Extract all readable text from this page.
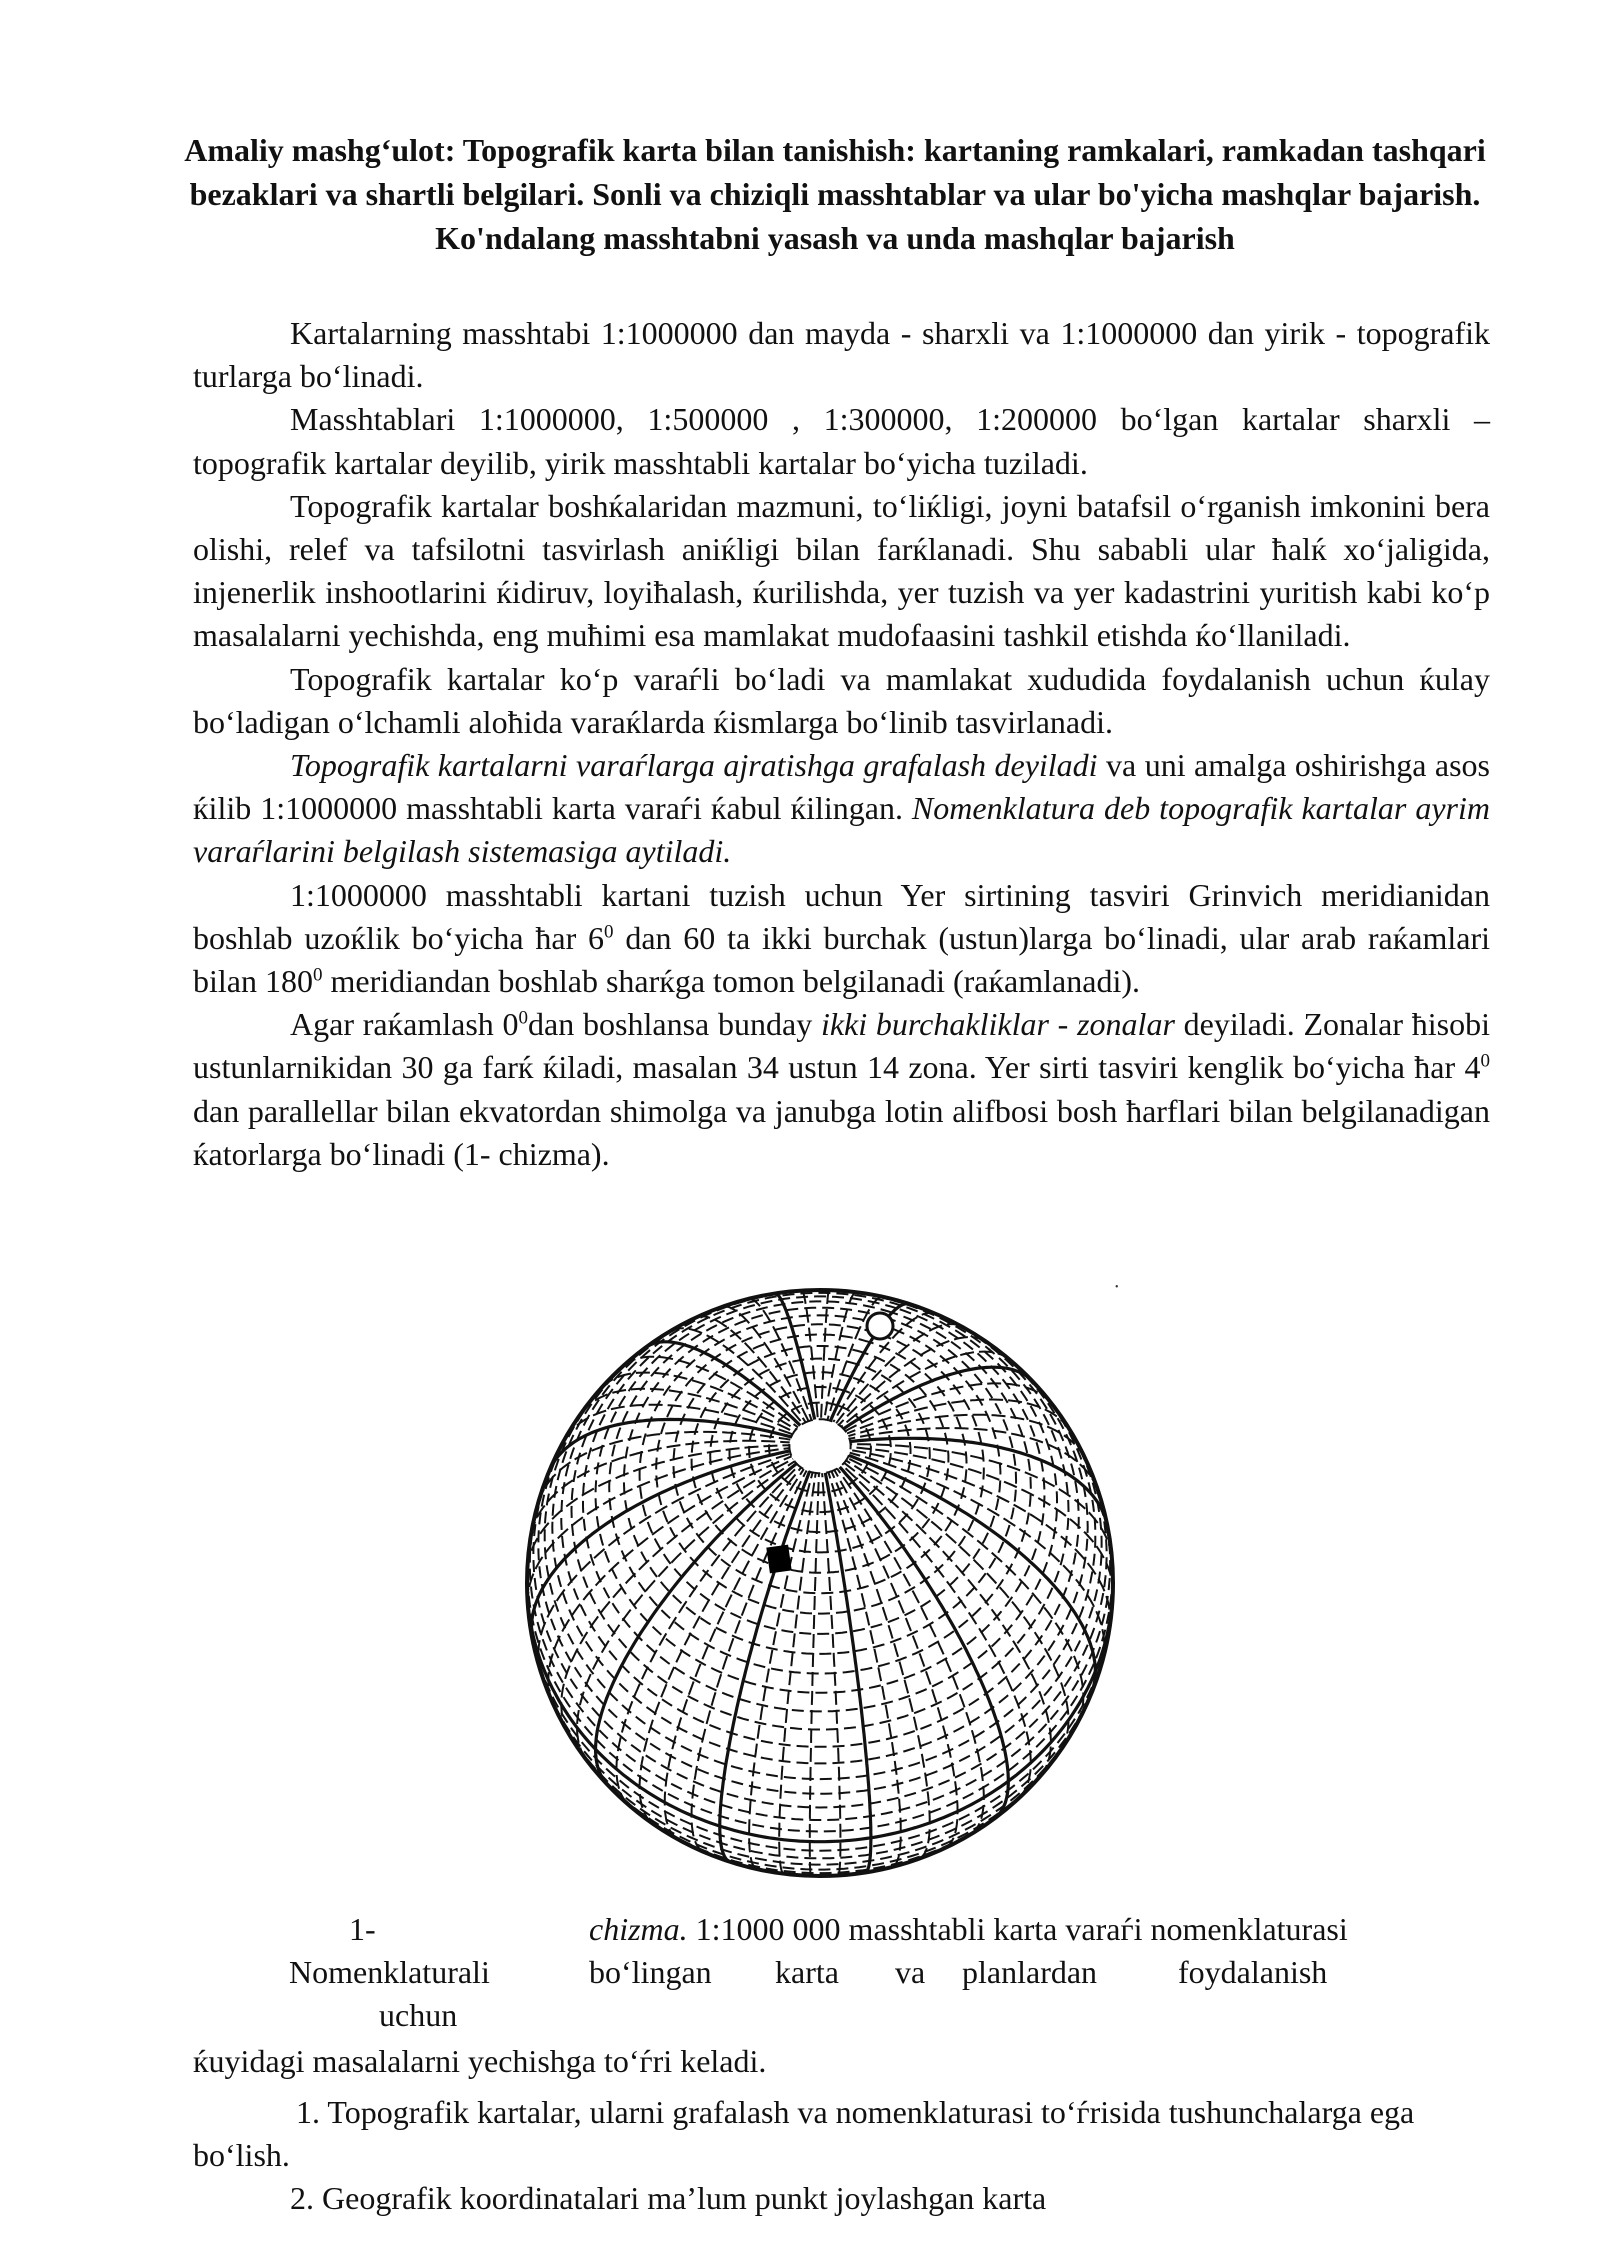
Amaliy mashgʻulot: Topografik karta bilan tanishish: kartaning ramkalari, ramkadan tashqari bezaklari va shartli belgilari. Sonli va chiziqli masshtablar va ular bo'yicha mashqlar bajarish. Ko'ndalang masshtabni yasash va unda mashqlar bajarish

Kartalarning masshtabi 1:1000000 dan mayda - sharxli va 1:1000000 dan yirik - topografik turlarga boʻlinadi.

Masshtablari 1:1000000, 1:500000 , 1:300000, 1:200000 boʻlgan kartalar sharxli – topografik kartalar deyilib, yirik masshtabli kartalar boʻyicha tuziladi.

Topografik kartalar boshќalaridan mazmuni, toʻliќligi, joyni batafsil oʻrganish imkonini bera olishi, relef va tafsilotni tasvirlash aniќligi bilan farќlanadi. Shu sababli ular ħalќ xoʻjaligida, injenerlik inshootlarini ќidiruv, loyiħalash, ќurilishda, yer tuzish va yer kadastrini yuritish kabi koʻp masalalarni yechishda, eng muħimi esa mamlakat mudofaasini tashkil etishda ќoʻllaniladi.

Topografik kartalar koʻp varaѓli boʻladi va mamlakat xududida foydalanish uchun ќulay boʻladigan oʻlchamli aloħida varaќlarda ќismlarga boʻlinib tasvirlanadi.

Topografik kartalarni varaѓlarga ajratishga grafalash deyiladi va uni amalga oshirishga asos ќilib 1:1000000 masshtabli karta varaѓi ќabul ќilingan. Nomenklatura deb topografik kartalar ayrim varaѓlarini belgilash sistemasiga aytiladi.

1:1000000 masshtabli kartani tuzish uchun Yer sirtining tasviri Grinvich meridianidan boshlab uzoќlik boʻyicha ħar $6^0$ dan 60 ta ikki burchak (ustun)larga boʻlinadi, ular arab raќamlari bilan $180^0$ meridiandan boshlab sharќga tomon belgilanadi (raќamlanadi).

Agar raќamlash $0^0dan$ boshlansa bunday ikki burchakliklar - zonalar deyiladi. Zonalar ħisobi ustunlarnikidan 30 ga farќ ќiladi, masalan 34 ustun 14 zona. Yer sirti tasviri kenglik boʻyicha ħar $4^0$ dan parallellar bilan ekvatordan shimolga va janubga lotin alifbosi bosh ħarflari bilan belgilanadigan ќatorlarga boʻlinadi (1- chizma).

•
1-	chizma. 1:1000 000 masshtabli karta varaѓi nomenklaturasi
Nomenklaturali	boʻlingan karta va planlardan	foydalanish
uchun

ќuyidagi masalalarni yechishga toʻѓri keladi.

1. Topografik kartalar, ularni grafalash va nomenklaturasi toʻѓrisida tushunchalarga ega boʻlish.

2. Geografik koordinatalari maʼlum punkt joylashgan karta
